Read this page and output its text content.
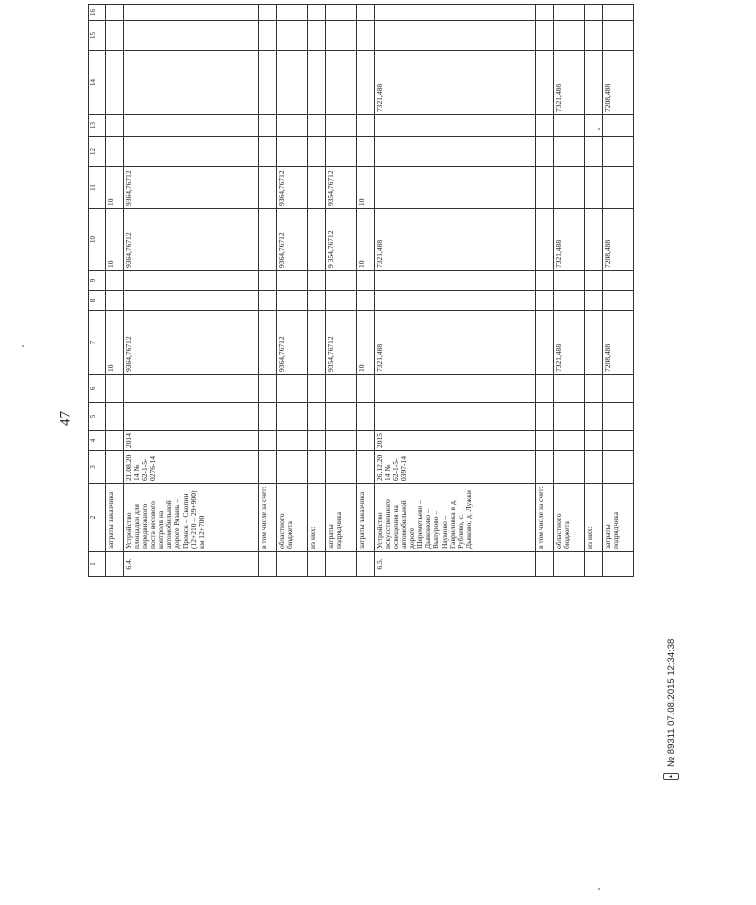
47
1	2	3	4	5	6	7	8	9	10	11	12	13	14	15	16
	затраты заказчика					10			10	10					
6.4.	Устройство площадки для передвижного поста весового контроля на автомобильной дороге Рязань – Пронск – Скопин (12+210 – 29+900) км 12+700	21.08.2014 № 62-1-5-0276-14	2014			9364,76712			9364,76712	9364,76712					
	в том числе за счет:														
	областного бюджета					9364,76712			9364,76712	9364,76712					
	из них:														
	затраты подрядчика					9354,76712			9 354,76712	9354,76712					
	затраты заказчика					10			10	10					
6.5.	Устройство искусственного освещения на автомобильной дороге Шереметьево – Дьяконово – Выпурово – Наумово – Гавриловка в д. Рублево, с. Дьяково, д. Лужки	26.12.2014 № 62-1-5-0397-14	2015			7321,488			7321,488				7321,488		
	в том числе за счет:														
	областного бюджета					7321,488			7321,488				7321,488		
	из них:														
	затраты подрядчика					7208,488			7208,488				7208,488		
▲
№ 89311 07.08.2015 12:34:38
